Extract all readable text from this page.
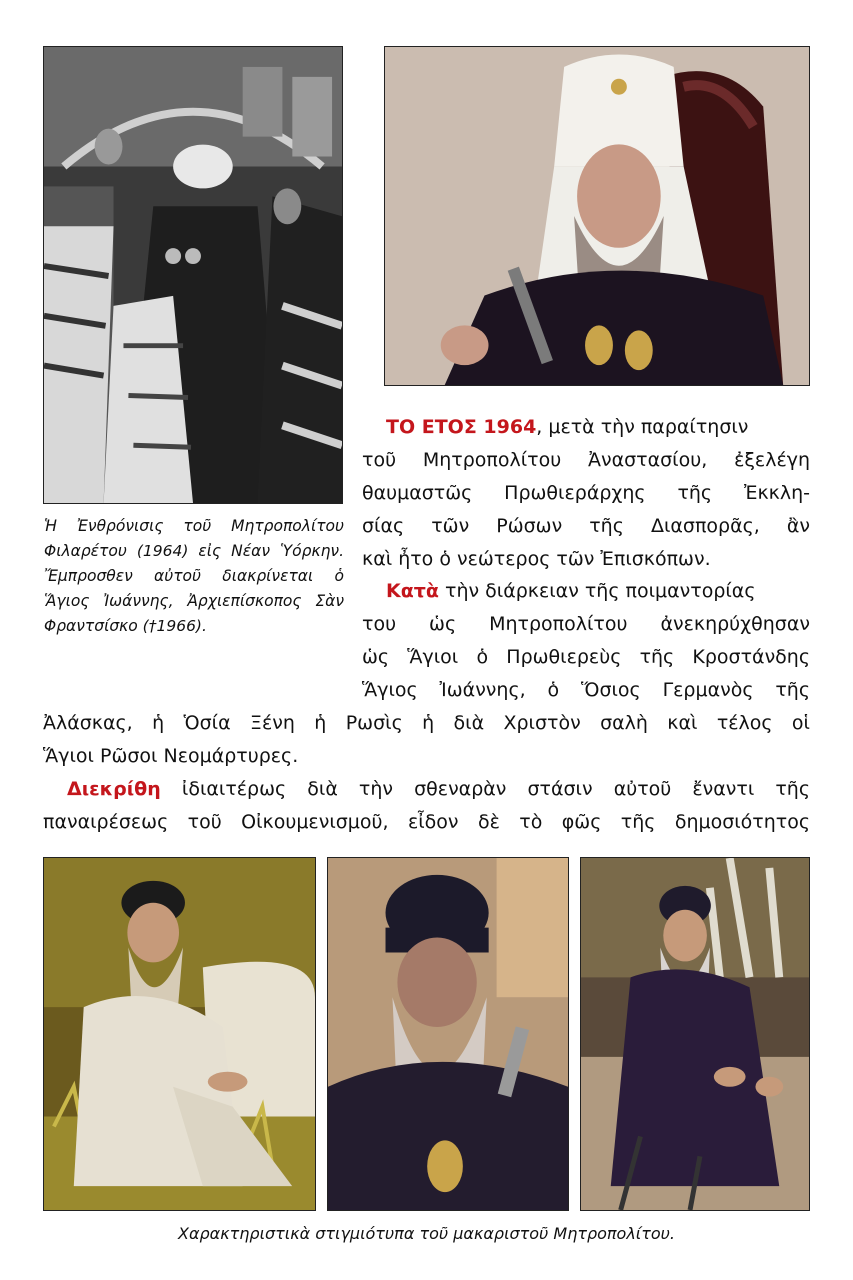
Ἡ Ἐνθρόνισις τοῦ Μητροπολίτου Φιλαρέτου (1964) εἰς Νέαν Ὑόρκην. Ἔμπροσθεν αὐτοῦ διακρίνεται ὁ Ἅγιος Ἰωάννης, Ἀρχιεπίσκοπος Σὰν Φραντσίσκο (†1966).
ΤΟ ΕΤΟΣ 1964, μετὰ τὴν παραίτησιν
τοῦ Μητροπολίτου Ἀναστασίου, ἐξελέγη
θαυμαστῶς Πρωθιεράρχης τῆς Ἐκκλη-
σίας τῶν Ρώσων τῆς Διασπορᾶς, ἂν
καὶ ἦτο ὁ νεώτερος τῶν Ἐπισκόπων.
Κατὰ τὴν διάρκειαν τῆς ποιμαντορίας
του ὡς Μητροπολίτου ἀνεκηρύχθησαν
ὡς Ἅγιοι ὁ Πρωθιερεὺς τῆς Κροστάνδης
Ἅγιος Ἰωάννης, ὁ Ὅσιος Γερμανὸς τῆς
Ἀλάσκας, ἡ Ὁσία Ξένη ἡ Ρωσὶς ἡ διὰ Χριστὸν σαλὴ καὶ τέλος οἱ
Ἅγιοι Ρῶσοι Νεομάρτυρες.
Διεκρίθη ἰδιαιτέρως διὰ τὴν σθεναρὰν στάσιν αὐτοῦ ἔναντι τῆς
παναιρέσεως τοῦ Οἰκουμενισμοῦ, εἶδον δὲ τὸ φῶς τῆς δημοσιότητος
Χαρακτηριστικὰ στιγμιότυπα τοῦ μακαριστοῦ Μητροπολίτου.
